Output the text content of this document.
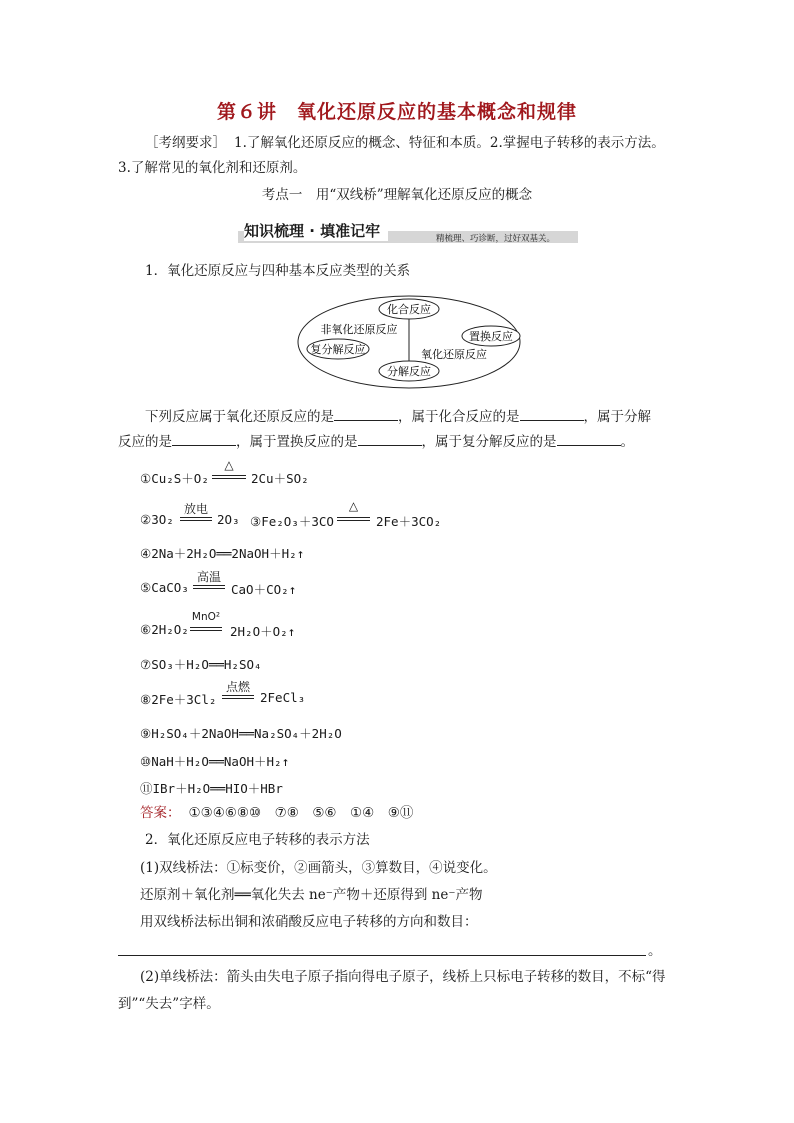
第６讲　氧化还原反应的基本概念和规律
［考纲要求］ 1.了解氧化还原反应的概念、特征和本质。2.掌握电子转移的表示方法。
3.了解常见的氧化剂和还原剂。
考点一　用“双线桥”理解氧化还原反应的概念
知识梳理 · 填准记牢	精梳理、巧诊断，过好双基关。
1．氧化还原反应与四种基本反应类型的关系
化合反应
非氧化还原反应
复分解反应	氧化还原反应
置换反应
分解反应
下列反应属于氧化还原反应的是	，属于化合反应的是	，属于分解
反应的是	，属于置换反应的是	，属于复分解反应的是	。
①Cu₂S＋O₂
△
2Cu＋SO₂
②3O₂
放电
2O₃ ③Fe₂O₃＋3CO
△
2Fe＋3CO₂
④2Na＋2H₂O══2NaOH＋H₂↑
⑤CaCO₃
高温
CaO＋CO₂↑
⑥2H₂O₂
MnO²
2H₂O＋O₂↑
⑦SO₃＋H₂O══H₂SO₄
⑧2Fe＋3Cl₂
点燃
2FeCl₃
⑨H₂SO₄＋2NaOH══Na₂SO₄＋2H₂O
⑩NaH＋H₂O══NaOH＋H₂↑
⑪IBr＋H₂O══HIO＋HBr
答案： ①③④⑥⑧⑩　⑦⑧　⑤⑥　①④　⑨⑪
2．氧化还原反应电子转移的表示方法
(1)双线桥法：①标变价，②画箭头，③算数目，④说变化。
还原剂＋氧化剂══氧化失去 ne⁻产物＋还原得到 ne⁻产物
用双线桥法标出铜和浓硝酸反应电子转移的方向和数目：
。
(2)单线桥法：箭头由失电子原子指向得电子原子，线桥上只标电子转移的数目，不标“得
到”“失去”字样。
